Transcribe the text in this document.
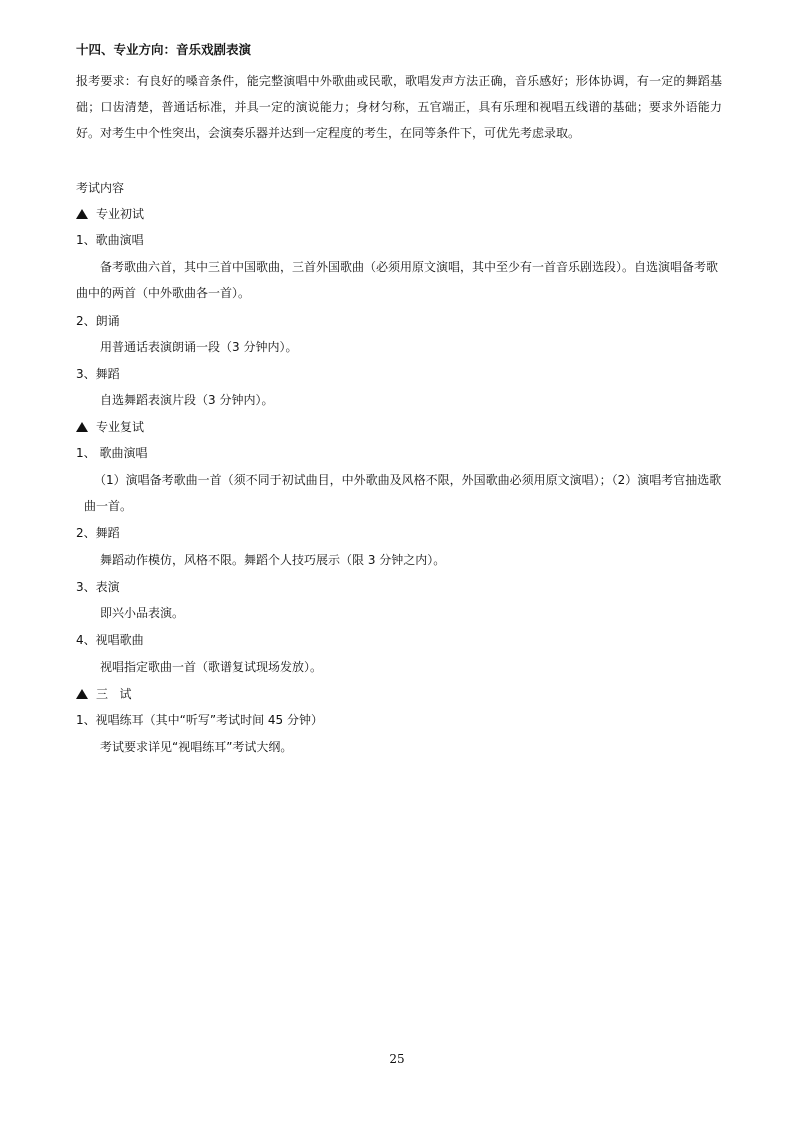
十四、专业方向：音乐戏剧表演
报考要求：有良好的嗓音条件，能完整演唱中外歌曲或民歌，歌唱发声方法正确，音乐感好；形体协调，有一定的舞蹈基础；口齿清楚，普通话标准，并具一定的演说能力；身材匀称，五官端正，具有乐理和视唱五线谱的基础；要求外语能力好。对考生中个性突出，会演奏乐器并达到一定程度的考生，在同等条件下，可优先考虑录取。
考试内容
专业初试
1、歌曲演唱
备考歌曲六首，其中三首中国歌曲，三首外国歌曲（必须用原文演唱，其中至少有一首音乐剧选段）。自选演唱备考歌
曲中的两首（中外歌曲各一首）。
2、朗诵
用普通话表演朗诵一段（3 分钟内）。
3、舞蹈
自选舞蹈表演片段（3 分钟内）。
专业复试
1、 歌曲演唱
（1）演唱备考歌曲一首（须不同于初试曲目，中外歌曲及风格不限，外国歌曲必须用原文演唱）；（2）演唱考官抽选歌
曲一首。
2、舞蹈
舞蹈动作模仿，风格不限。舞蹈个人技巧展示（限 3 分钟之内）。
3、表演
即兴小品表演。
4、视唱歌曲
视唱指定歌曲一首（歌谱复试现场发放）。
三   试
1、视唱练耳（其中“听写”考试时间 45 分钟）
考试要求详见“视唱练耳”考试大纲。
25
